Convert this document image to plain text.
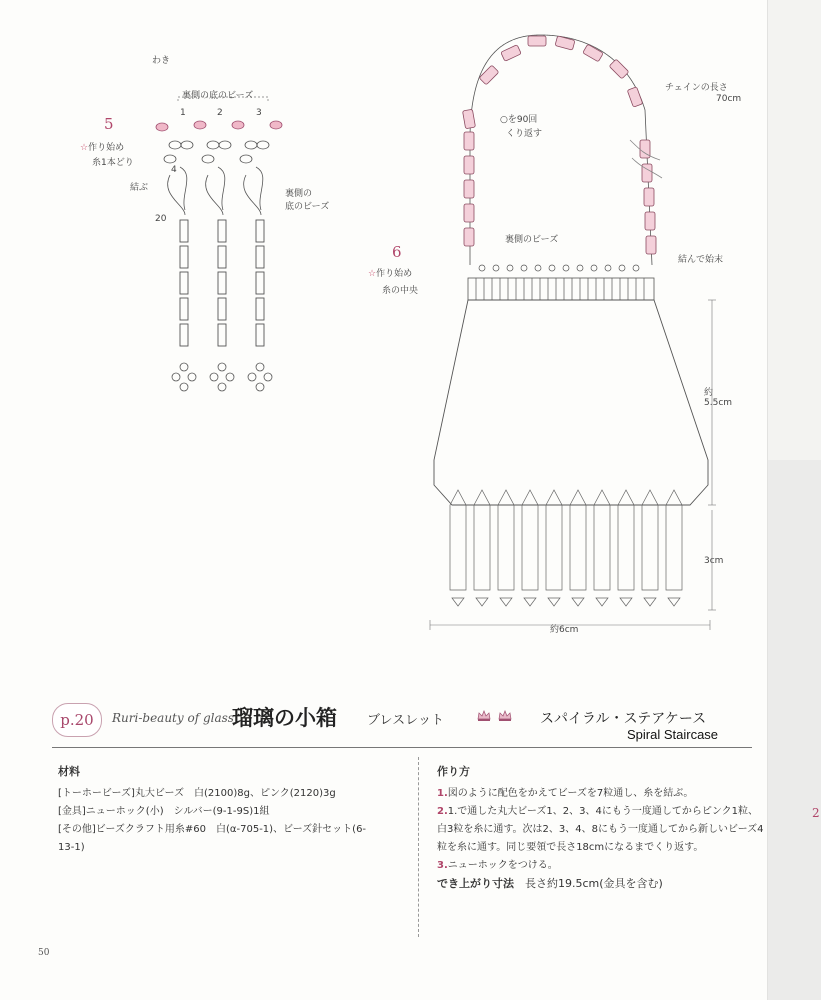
2
わき
裏側の底のビーズ
5
☆作り始め
糸1本どり
結ぶ
20
裏側の
底のビーズ
1	2	3
4
チェインの長さ
70cm
○を90回
くり返す
裏側のビーズ
結んで始末
6
☆作り始め
糸の中央
約5.5cm
3cm
約6cm
p.20	Ruri-beauty of glass
瑠璃の小箱 ブレスレット	スパイラル・ステアケース
Spiral Staircase
材料
[トーホービーズ]丸大ビーズ　白(2100)8g、ピンク(2120)3g
[金具]ニューホック(小)　シルバー(9-1-9S)1組
[その他]ビーズクラフト用糸#60　白(α-705-1)、ビーズ針セット(6-
13-1)
作り方
1.図のように配色をかえてビーズを7粒通し、糸を結ぶ。
2.1.で通した丸大ビーズ1、2、3、4にもう一度通してからピンク1粒、白3粒を糸に通す。次は2、3、4、8にもう一度通してから新しいビーズ4粒を糸に通す。同じ要領で長さ18cmになるまでくり返す。
3.ニューホックをつける。
でき上がり寸法　 長さ約19.5cm(金具を含む)
50
